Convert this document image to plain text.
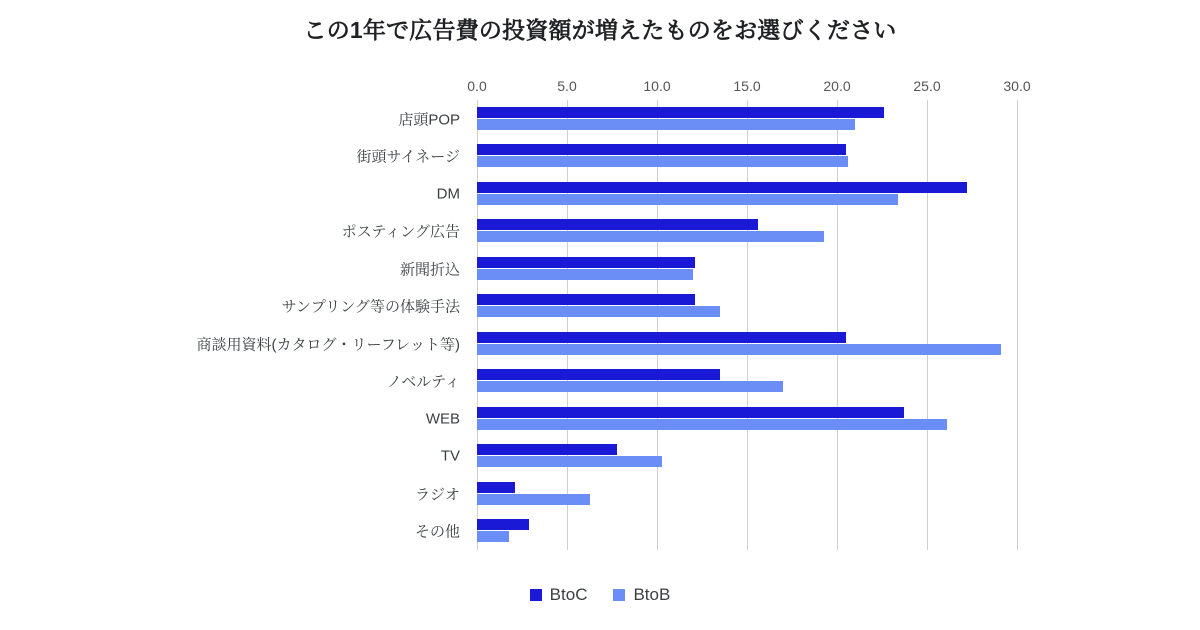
この1年で広告費の投資額が増えたものをお選びください
0.0	5.0	10.0	15.0	20.0	25.0	30.0
店頭POP
街頭サイネージ
DM
ポスティング広告
新聞折込
サンプリング等の体験手法
商談用資料(カタログ・リーフレット等)
ノベルティ
WEB
TV
ラジオ
その他
BtoC	BtoB
